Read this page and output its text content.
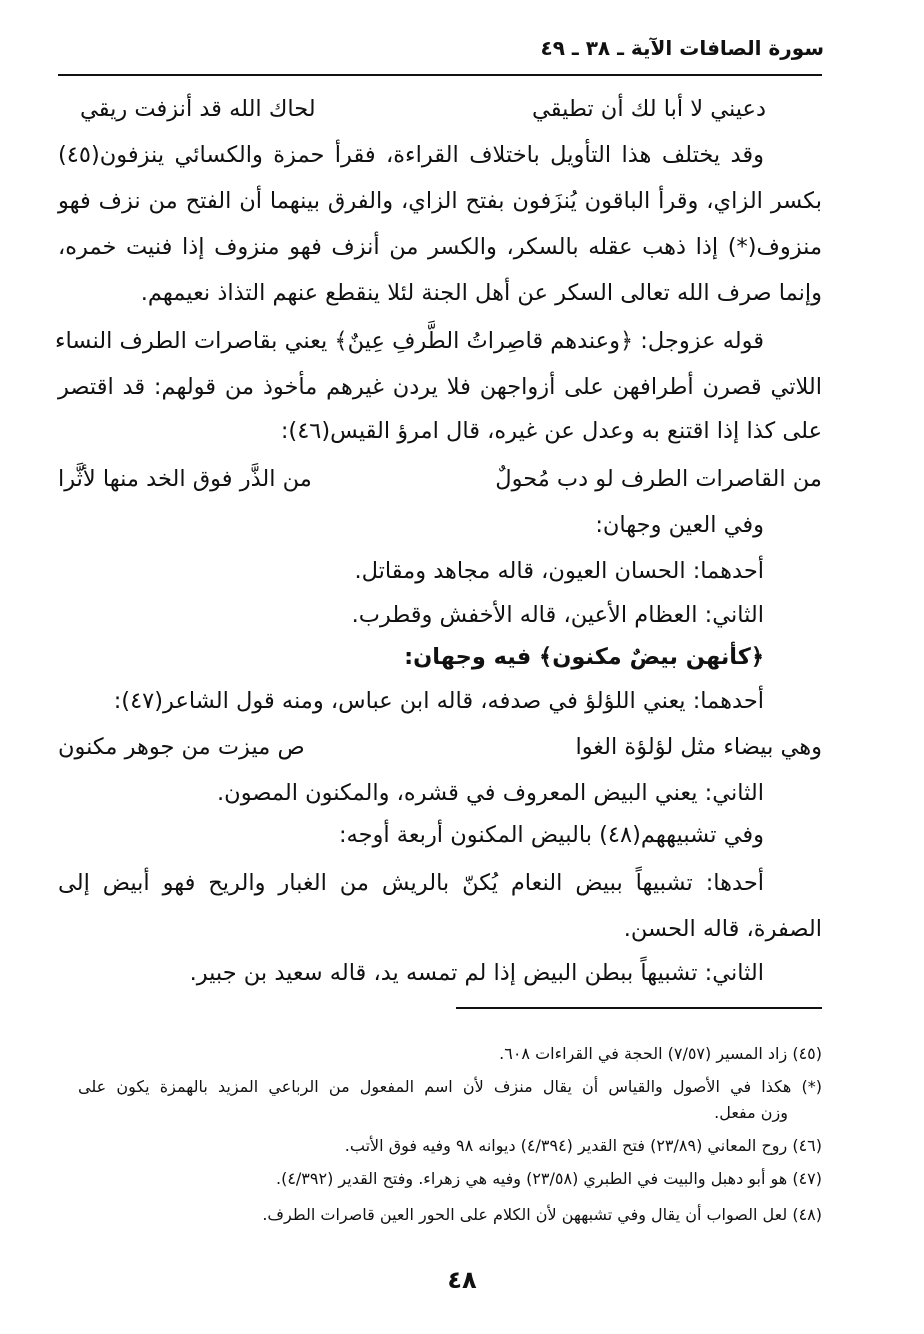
سورة الصافات الآية ـ ٣٨ ـ ٤٩
دعيني لا أبا لك أن تطيقي
لحاك الله قد أنزفت ريقي
وقد يختلف هذا التأويل باختلاف القراءة، فقرأ حمزة والكسائي ينزفون(٤٥)
بكسر الزاي، وقرأ الباقون يُنزَفون بفتح الزاي، والفرق بينهما أن الفتح من نزف فهو
منزوف(*) إذا ذهب عقله بالسكر، والكسر من أنزف فهو منزوف إذا فنيت خمره،
وإنما صرف الله تعالى السكر عن أهل الجنة لئلا ينقطع عنهم التذاذ نعيمهم.
قوله عزوجل: ﴿وعندهم قاصِراتُ الطَّرفِ عِينٌ﴾ يعني بقاصرات الطرف النساء
اللاتي قصرن أطرافهن على أزواجهن فلا يردن غيرهم مأخوذ من قولهم: قد اقتصر
على كذا إذا اقتنع به وعدل عن غيره، قال امرؤ القيس(٤٦):
من القاصرات الطرف لو دب مُحولٌ
من الذَّر فوق الخد منها لأثَّرا
وفي العين وجهان:
أحدهما: الحسان العيون، قاله مجاهد ومقاتل.
الثاني: العظام الأعين، قاله الأخفش وقطرب.
﴿كأنهن بيضٌ مكنون﴾ فيه وجهان:
أحدهما: يعني اللؤلؤ في صدفه، قاله ابن عباس، ومنه قول الشاعر(٤٧):
وهي بيضاء مثل لؤلؤة الغوا
ص ميزت من جوهر مكنون
الثاني: يعني البيض المعروف في قشره، والمكنون المصون.
وفي تشبيههم(٤٨) بالبيض المكنون أربعة أوجه:
أحدها: تشبيهاً ببيض النعام يُكنّ بالريش من الغبار والريح فهو أبيض إلى
الصفرة، قاله الحسن.
الثاني: تشبيهاً ببطن البيض إذا لم تمسه يد، قاله سعيد بن جبير.
(٤٥) زاد المسير (٧/٥٧) الحجة في القراءات ٦٠٨.
(*) هكذا في الأصول والقياس أن يقال منزف لأن اسم المفعول من الرباعي المزيد بالهمزة يكون على
وزن مفعل.
(٤٦) روح المعاني (٢٣/٨٩) فتح القدير (٤/٣٩٤) ديوانه ٩٨ وفيه فوق الأتب.
(٤٧) هو أبو دهبل والبيت في الطبري (٢٣/٥٨) وفيه هي زهراء. وفتح القدير (٤/٣٩٢).
(٤٨) لعل الصواب أن يقال وفي تشبههن لأن الكلام على الحور العين قاصرات الطرف.
٤٨
